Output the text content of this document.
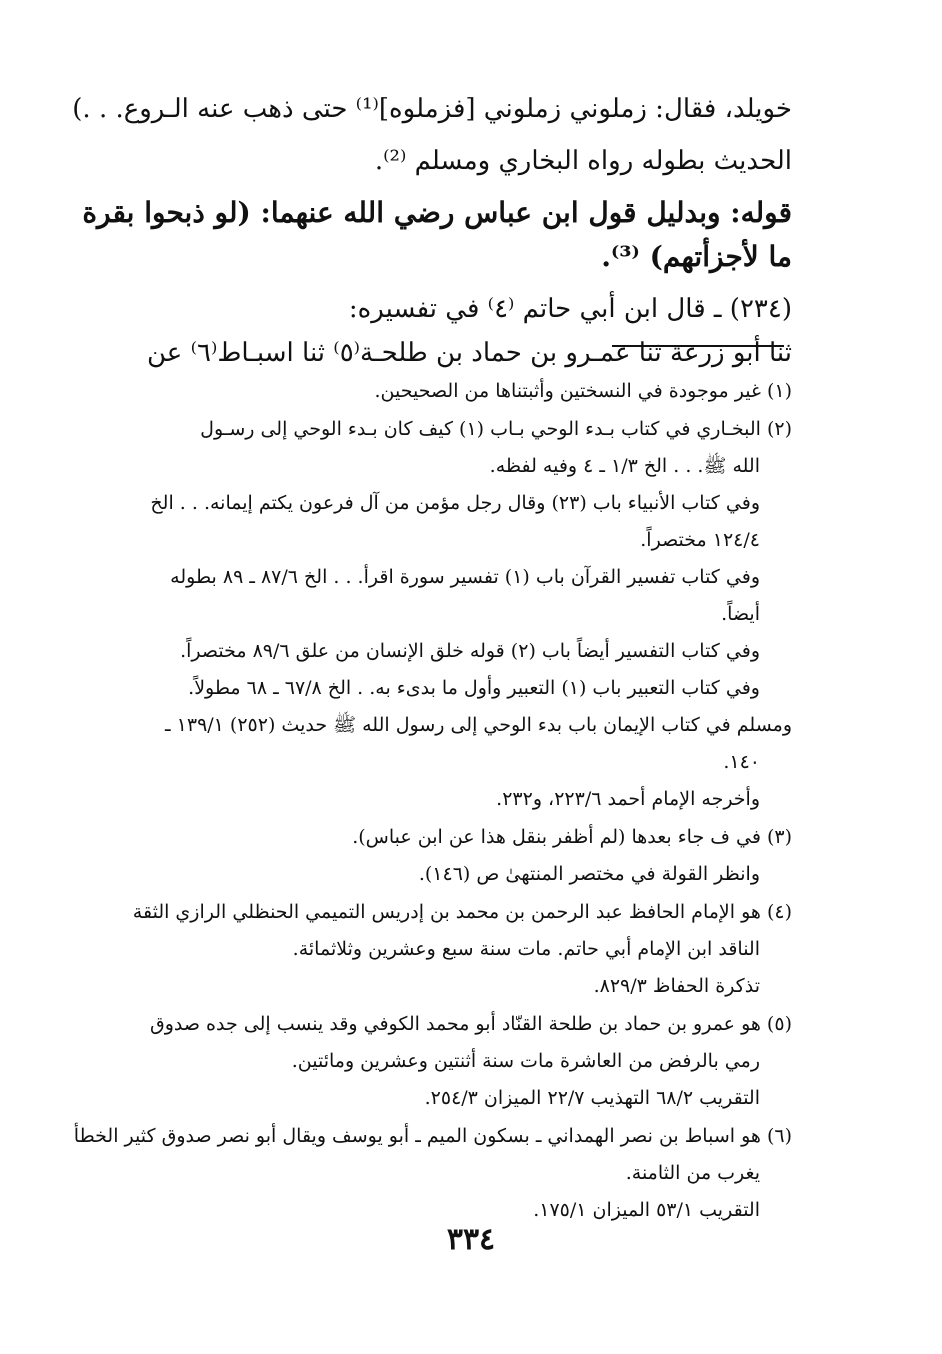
خويلد، فقال: زملوني زملوني [فزملوه]⁽¹⁾ حتى ذهب عنه الـروع. . .)
الحديث بطوله رواه البخاري ومسلم ⁽²⁾.
قوله: وبدليل قول ابن عباس رضي الله عنهما: (لو ذبحوا بقرة
ما لأجزأتهم) ⁽³⁾.
(٢٣٤) ـ قال ابن أبي حاتم ⁽٤⁾ في تفسيره:
ثنا أبو زرعة ثنا عمـرو بن حماد بن طلحـة⁽٥⁾ ثنا اسبـاط⁽٦⁾ عن
(١) غير موجودة في النسختين وأثبتناها من الصحيحين.
(٢) البخـاري في كتاب بـدء الوحي بـاب (١) كيف كان بـدء الوحي إلى رسـول
الله ﷺ. . . الخ ١/٣ ـ ٤ وفيه لفظه.
وفي كتاب الأنبياء باب (٢٣) وقال رجل مؤمن من آل فرعون يكتم إيمانه. . . الخ
١٢٤/٤ مختصراً.
وفي كتاب تفسير القرآن باب (١) تفسير سورة اقرأ. . . الخ ٨٧/٦ ـ ٨٩ بطوله
أيضاً.
وفي كتاب التفسير أيضاً باب (٢) قوله خلق الإنسان من علق ٨٩/٦ مختصراً.
وفي كتاب التعبير باب (١) التعبير وأول ما بدىء به. . الخ ٦٧/٨ ـ ٦٨ مطولاً.
ومسلم في كتاب الإيمان باب بدء الوحي إلى رسول الله ﷺ حديث (٢٥٢) ١٣٩/١ ـ
١٤٠.
وأخرجه الإمام أحمد ٢٢٣/٦، و٢٣٢.
(٣) في ف جاء بعدها (لم أظفر بنقل هذا عن ابن عباس).
وانظر القولة في مختصر المنتهىٰ ص (١٤٦).
(٤) هو الإمام الحافظ عبد الرحمن بن محمد بن إدريس التميمي الحنظلي الرازي الثقة
الناقد ابن الإمام أبي حاتم. مات سنة سبع وعشرين وثلاثمائة.
تذكرة الحفاظ ٨٢٩/٣.
(٥) هو عمرو بن حماد بن طلحة القنّاد أبو محمد الكوفي وقد ينسب إلى جده صدوق
رمي بالرفض من العاشرة مات سنة أثنتين وعشرين ومائتين.
التقريب ٦٨/٢ التهذيب ٢٢/٧ الميزان ٢٥٤/٣.
(٦) هو اسباط بن نصر الهمداني ـ بسكون الميم ـ أبو يوسف ويقال أبو نصر صدوق كثير الخطأ
يغرب من الثامنة.
التقريب ٥٣/١ الميزان ١٧٥/١.
٣٣٤
